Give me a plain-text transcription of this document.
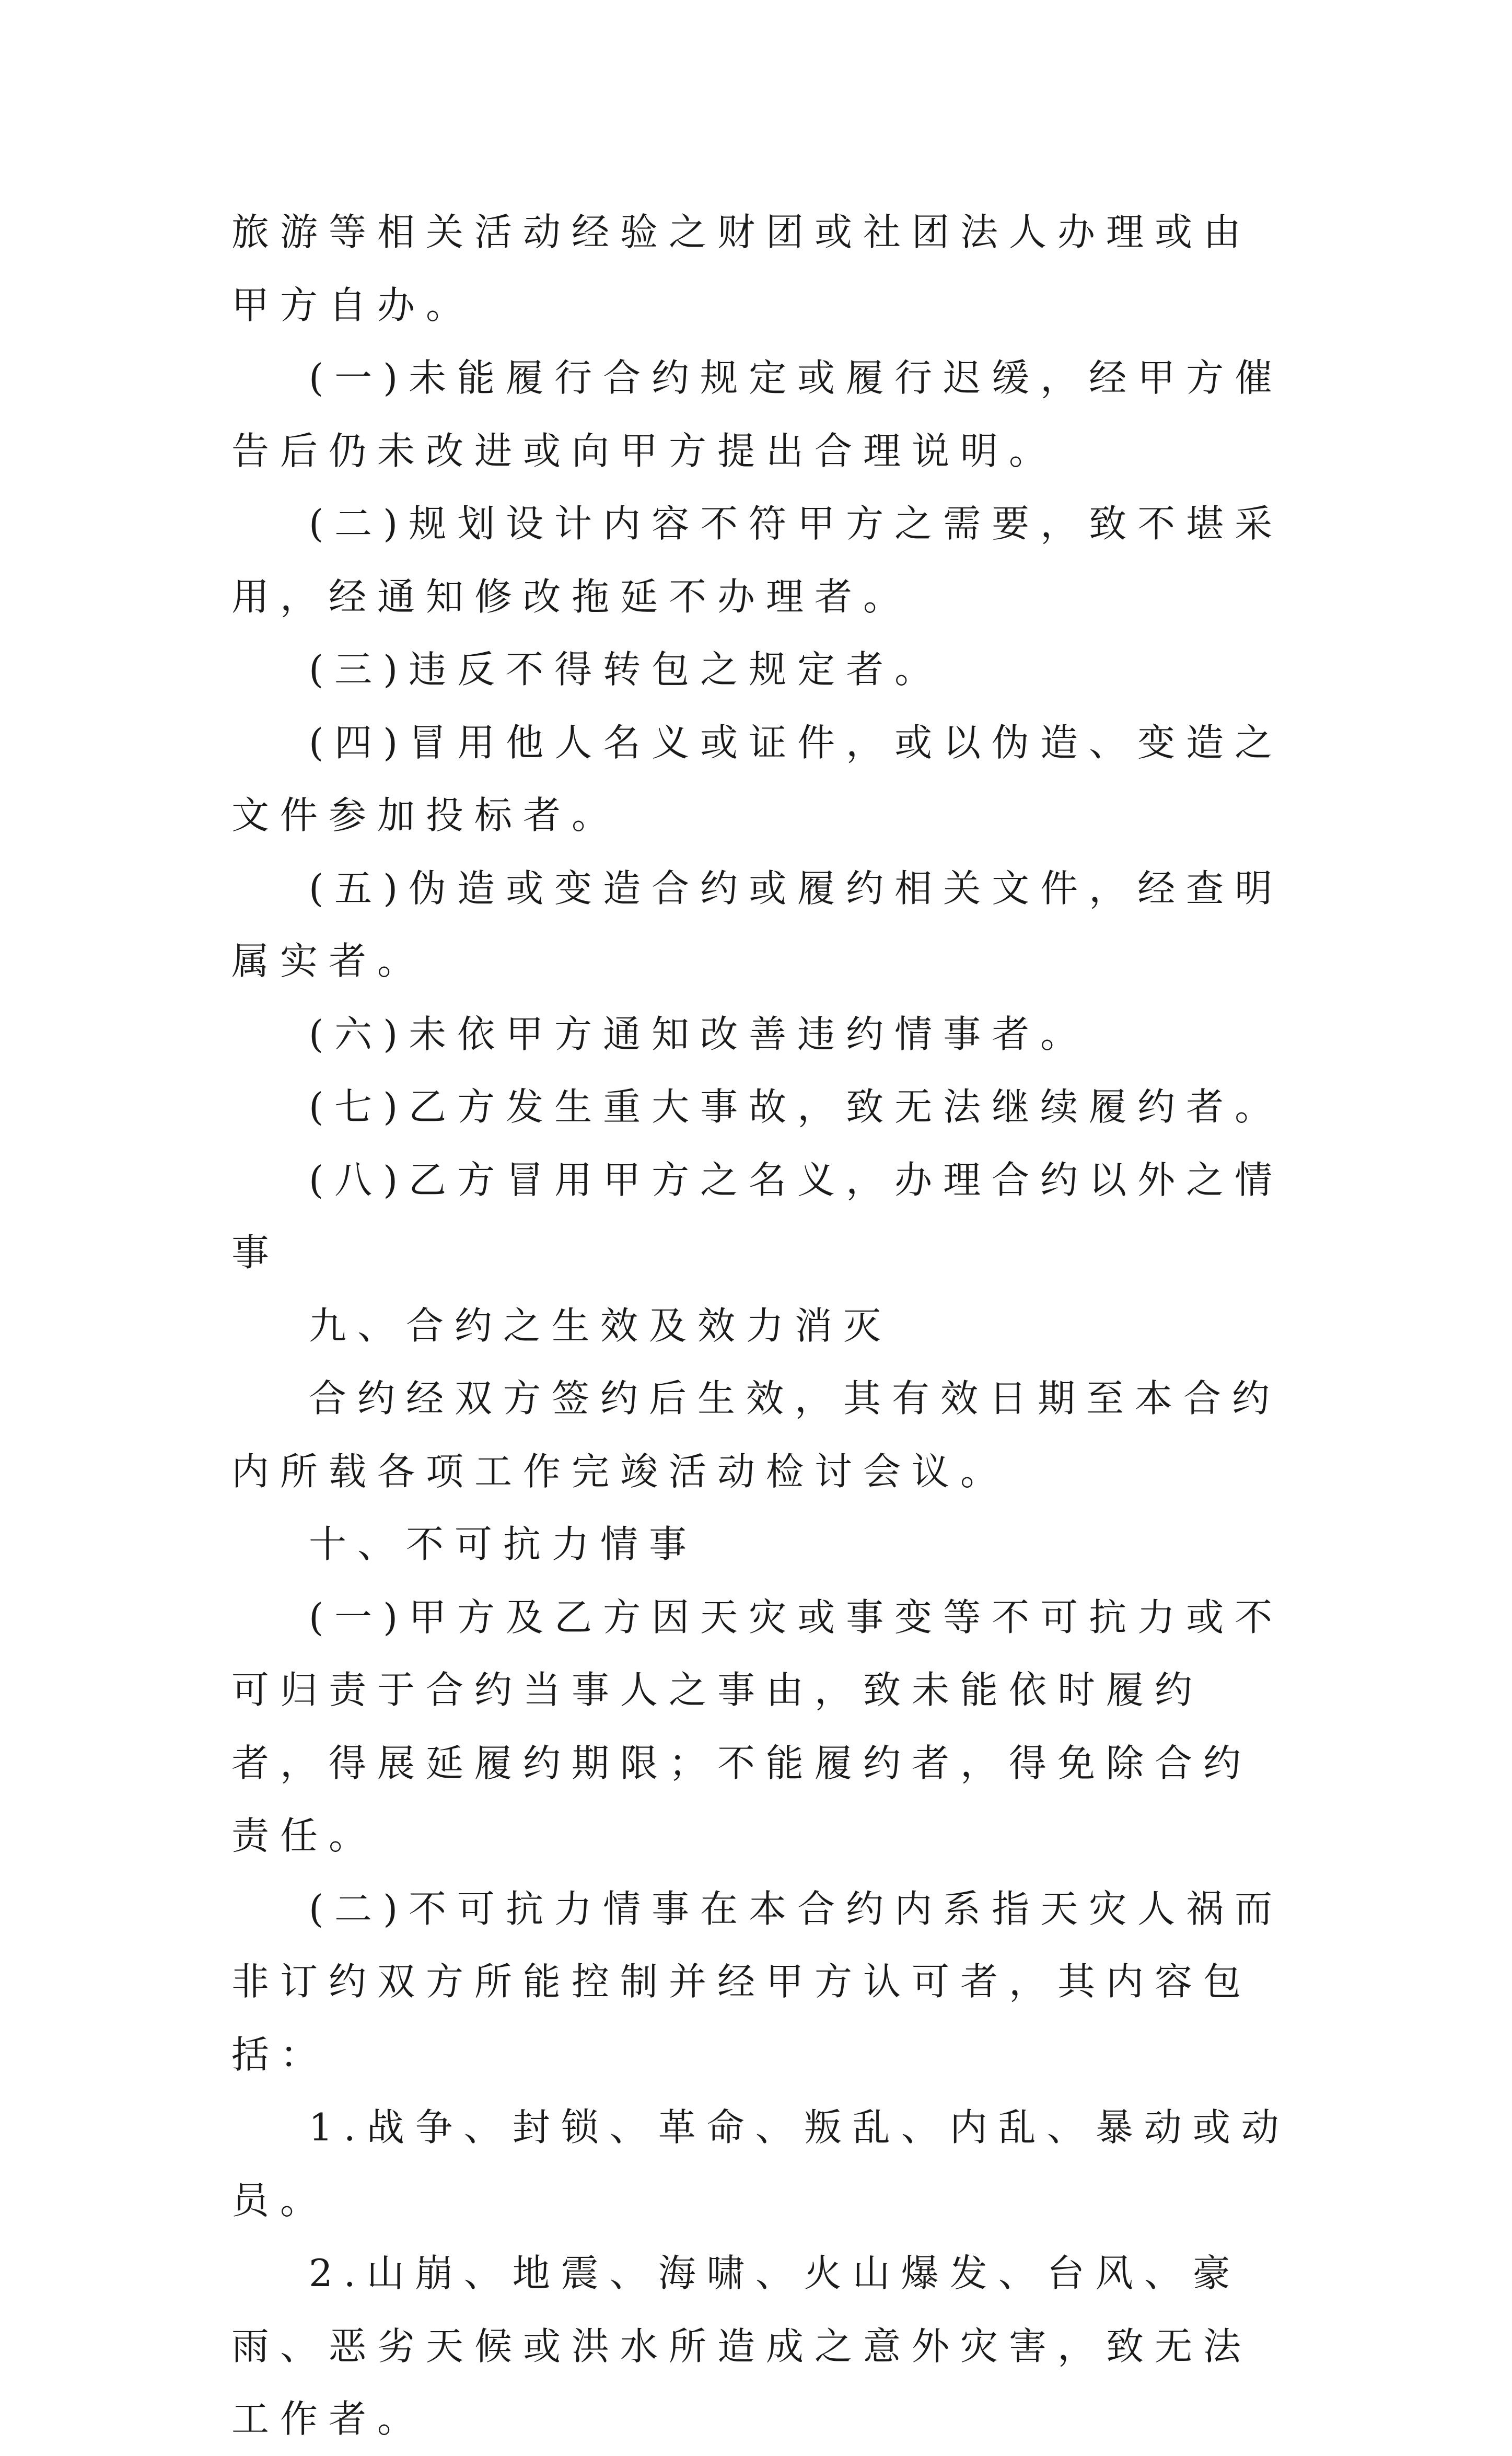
旅游等相关活动经验之财团或社团法人办理或由甲方自办。

(一)未能履行合约规定或履行迟缓，经甲方催告后仍未改进或向甲方提出合理说明。

(二)规划设计内容不符甲方之需要，致不堪采用，经通知修改拖延不办理者。

(三)违反不得转包之规定者。

(四)冒用他人名义或证件，或以伪造、变造之文件参加投标者。

(五)伪造或变造合约或履约相关文件，经查明属实者。

(六)未依甲方通知改善违约情事者。

(七)乙方发生重大事故，致无法继续履约者。

(八)乙方冒用甲方之名义，办理合约以外之情事

九、合约之生效及效力消灭

合约经双方签约后生效，其有效日期至本合约内所载各项工作完竣活动检讨会议。

十、不可抗力情事

(一)甲方及乙方因天灾或事变等不可抗力或不可归责于合约当事人之事由，致未能依时履约者，得展延履约期限；不能履约者，得免除合约责任。

(二)不可抗力情事在本合约内系指天灾人祸而非订约双方所能控制并经甲方认可者，其内容包括：

1.战争、封锁、革命、叛乱、内乱、暴动或动员。

2.山崩、地震、海啸、火山爆发、台风、豪雨、恶劣天候或洪水所造成之意外灾害，致无法工作者。
